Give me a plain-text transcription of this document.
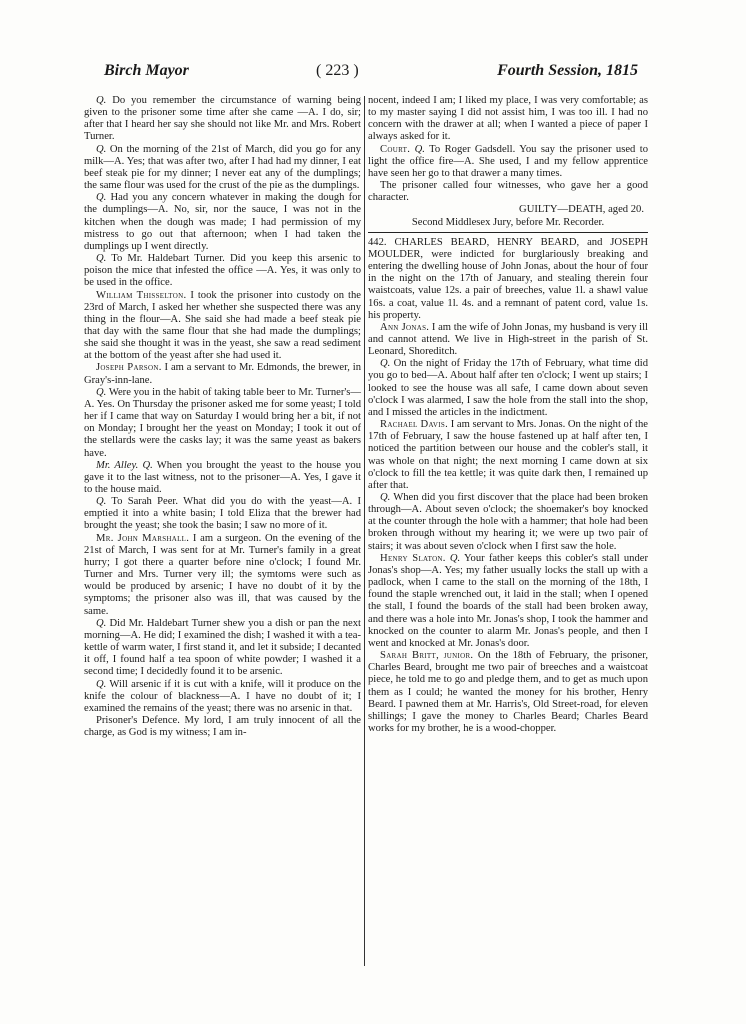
Birch Mayor	( 223 )	Fourth Session, 1815

Q. Do you remember the circumstance of warning being given to the prisoner some time after she came —A. I do, sir; after that I heard her say she should not like Mr. and Mrs. Robert Turner.

Q. On the morning of the 21st of March, did you go for any milk—A. Yes; that was after two, after I had had my dinner, I eat beef steak pie for my dinner; I never eat any of the dumplings; the same flour was used for the crust of the pie as the dumplings.

Q. Had you any concern whatever in making the dough for the dumplings—A. No, sir, nor the sauce, I was not in the kitchen when the dough was made; I had permission of my mistress to go out that afternoon; when I had taken the dumplings up I went directly.

Q. To Mr. Haldebart Turner. Did you keep this arsenic to poison the mice that infested the office —A. Yes, it was only to be used in the office.

William Thisselton. I took the prisoner into custody on the 23rd of March, I asked her whether she suspected there was any thing in the flour—A. She said she had made a beef steak pie that day with the same flour that she had made the dumplings; she said she thought it was in the yeast, she saw a read sediment at the bottom of the yeast after she had used it.

Joseph Parson. I am a servant to Mr. Edmonds, the brewer, in Gray's-inn-lane.

Q. Were you in the habit of taking table beer to Mr. Turner's—A. Yes. On Thursday the prisoner asked me for some yeast; I told her if I came that way on Saturday I would bring her a bit, if not on Monday; I brought her the yeast on Monday; I took it out of the stellards were the casks lay; it was the same yeast as bakers have.

Mr. Alley. Q. When you brought the yeast to the house you gave it to the last witness, not to the prisoner—A. Yes, I gave it to the house maid.

Q. To Sarah Peer. What did you do with the yeast—A. I emptied it into a white basin; I told Eliza that the brewer had brought the yeast; she took the basin; I saw no more of it.

Mr. John Marshall. I am a surgeon. On the evening of the 21st of March, I was sent for at Mr. Turner's family in a great hurry; I got there a quarter before nine o'clock; I found Mr. Turner and Mrs. Turner very ill; the symtoms were such as would be produced by arsenic; I have no doubt of it by the symptoms; the prisoner also was ill, that was caused by the same.

Q. Did Mr. Haldebart Turner shew you a dish or pan the next morning—A. He did; I examined the dish; I washed it with a tea-kettle of warm water, I first stand it, and let it subside; I decanted it off, I found half a tea spoon of white powder; I washed it a second time; I decidedly found it to be arsenic.

Q. Will arsenic if it is cut with a knife, will it produce on the knife the colour of blackness—A. I have no doubt of it; I examined the remains of the yeast; there was no arsenic in that.

Prisoner's Defence. My lord, I am truly innocent of all the charge, as God is my witness; I am in-

nocent, indeed I am; I liked my place, I was very comfortable; as to my master saying I did not assist him, I was too ill. I had no concern with the drawer at all; when I wanted a piece of paper I always asked for it.

Court. Q. To Roger Gadsdell. You say the prisoner used to light the office fire—A. She used, I and my fellow apprentice have seen her go to that drawer a many times.

The prisoner called four witnesses, who gave her a good character.

GUILTY—DEATH, aged 20.

Second Middlesex Jury, before Mr. Recorder.

442. CHARLES BEARD, HENRY BEARD, and JOSEPH MOULDER, were indicted for burglariously breaking and entering the dwelling house of John Jonas, about the hour of four in the night on the 17th of January, and stealing therein four waistcoats, value 12s. a pair of breeches, value 1l. a shawl value 16s. a coat, value 1l. 4s. and a remnant of patent cord, value 1s. his property.

Ann Jonas. I am the wife of John Jonas, my husband is very ill and cannot attend. We live in High-street in the parish of St. Leonard, Shoreditch.

Q. On the night of Friday the 17th of February, what time did you go to bed—A. About half after ten o'clock; I went up stairs; I looked to see the house was all safe, I came down about seven o'clock I was alarmed, I saw the hole from the stall into the shop, and I missed the articles in the indictment.

Rachael Davis. I am servant to Mrs. Jonas. On the night of the 17th of February, I saw the house fastened up at half after ten, I noticed the partition between our house and the cobler's stall, it was whole on that night; the next morning I came down at six o'clock to fill the tea kettle; it was quite dark then, I remained up after that.

Q. When did you first discover that the place had been broken through—A. About seven o'clock; the shoemaker's boy knocked at the counter through the hole with a hammer; that hole had been broken through without my hearing it; we were up two pair of stairs; it was about seven o'clock when I first saw the hole.

Henry Slaton. Q. Your father keeps this cobler's stall under Jonas's shop—A. Yes; my father usually locks the stall up with a padlock, when I came to the stall on the morning of the 18th, I found the staple wrenched out, it laid in the stall; when I opened the stall, I found the boards of the stall had been broken away, and there was a hole into Mr. Jonas's shop, I took the hammer and knocked on the counter to alarm Mr. Jonas's people, and then I went and knocked at Mr. Jonas's door.

Sarah Britt, junior. On the 18th of February, the prisoner, Charles Beard, brought me two pair of breeches and a waistcoat piece, he told me to go and pledge them, and to get as much upon them as I could; he wanted the money for his brother, Henry Beard. I pawned them at Mr. Harris's, Old Street-road, for eleven shillings; I gave the money to Charles Beard; Charles Beard works for my brother, he is a wood-chopper.
